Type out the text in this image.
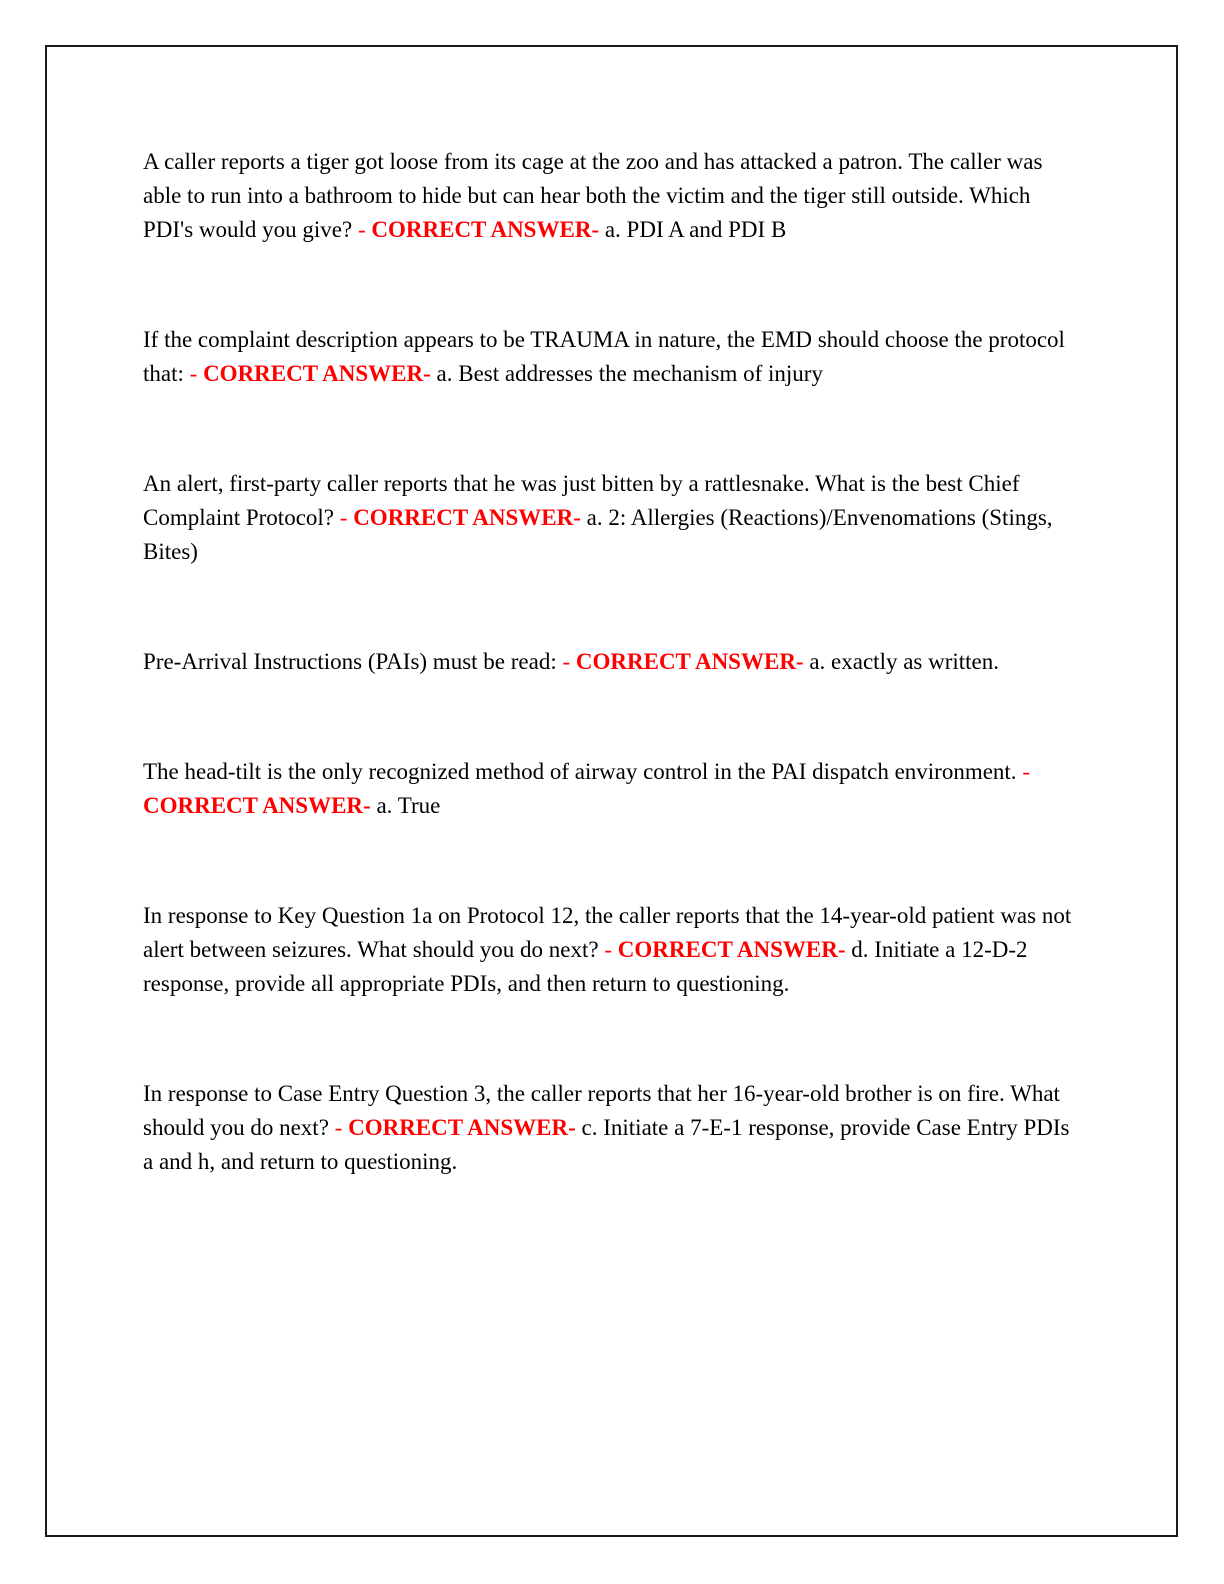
A caller reports a tiger got loose from its cage at the zoo and has attacked a patron. The caller was able to run into a bathroom to hide but can hear both the victim and the tiger still outside. Which PDI's would you give? - CORRECT ANSWER- a. PDI A and PDI B

If the complaint description appears to be TRAUMA in nature, the EMD should choose the protocol that: - CORRECT ANSWER- a. Best addresses the mechanism of injury

An alert, first-party caller reports that he was just bitten by a rattlesnake. What is the best Chief Complaint Protocol? - CORRECT ANSWER- a. 2: Allergies (Reactions)/Envenomations (Stings, Bites)

Pre-Arrival Instructions (PAIs) must be read: - CORRECT ANSWER- a. exactly as written.

The head-tilt is the only recognized method of airway control in the PAI dispatch environment. - CORRECT ANSWER- a. True

In response to Key Question 1a on Protocol 12, the caller reports that the 14-year-old patient was not alert between seizures. What should you do next? - CORRECT ANSWER- d. Initiate a 12-D-2 response, provide all appropriate PDIs, and then return to questioning.

In response to Case Entry Question 3, the caller reports that her 16-year-old brother is on fire. What should you do next? - CORRECT ANSWER- c. Initiate a 7-E-1 response, provide Case Entry PDIs a and h, and return to questioning.
